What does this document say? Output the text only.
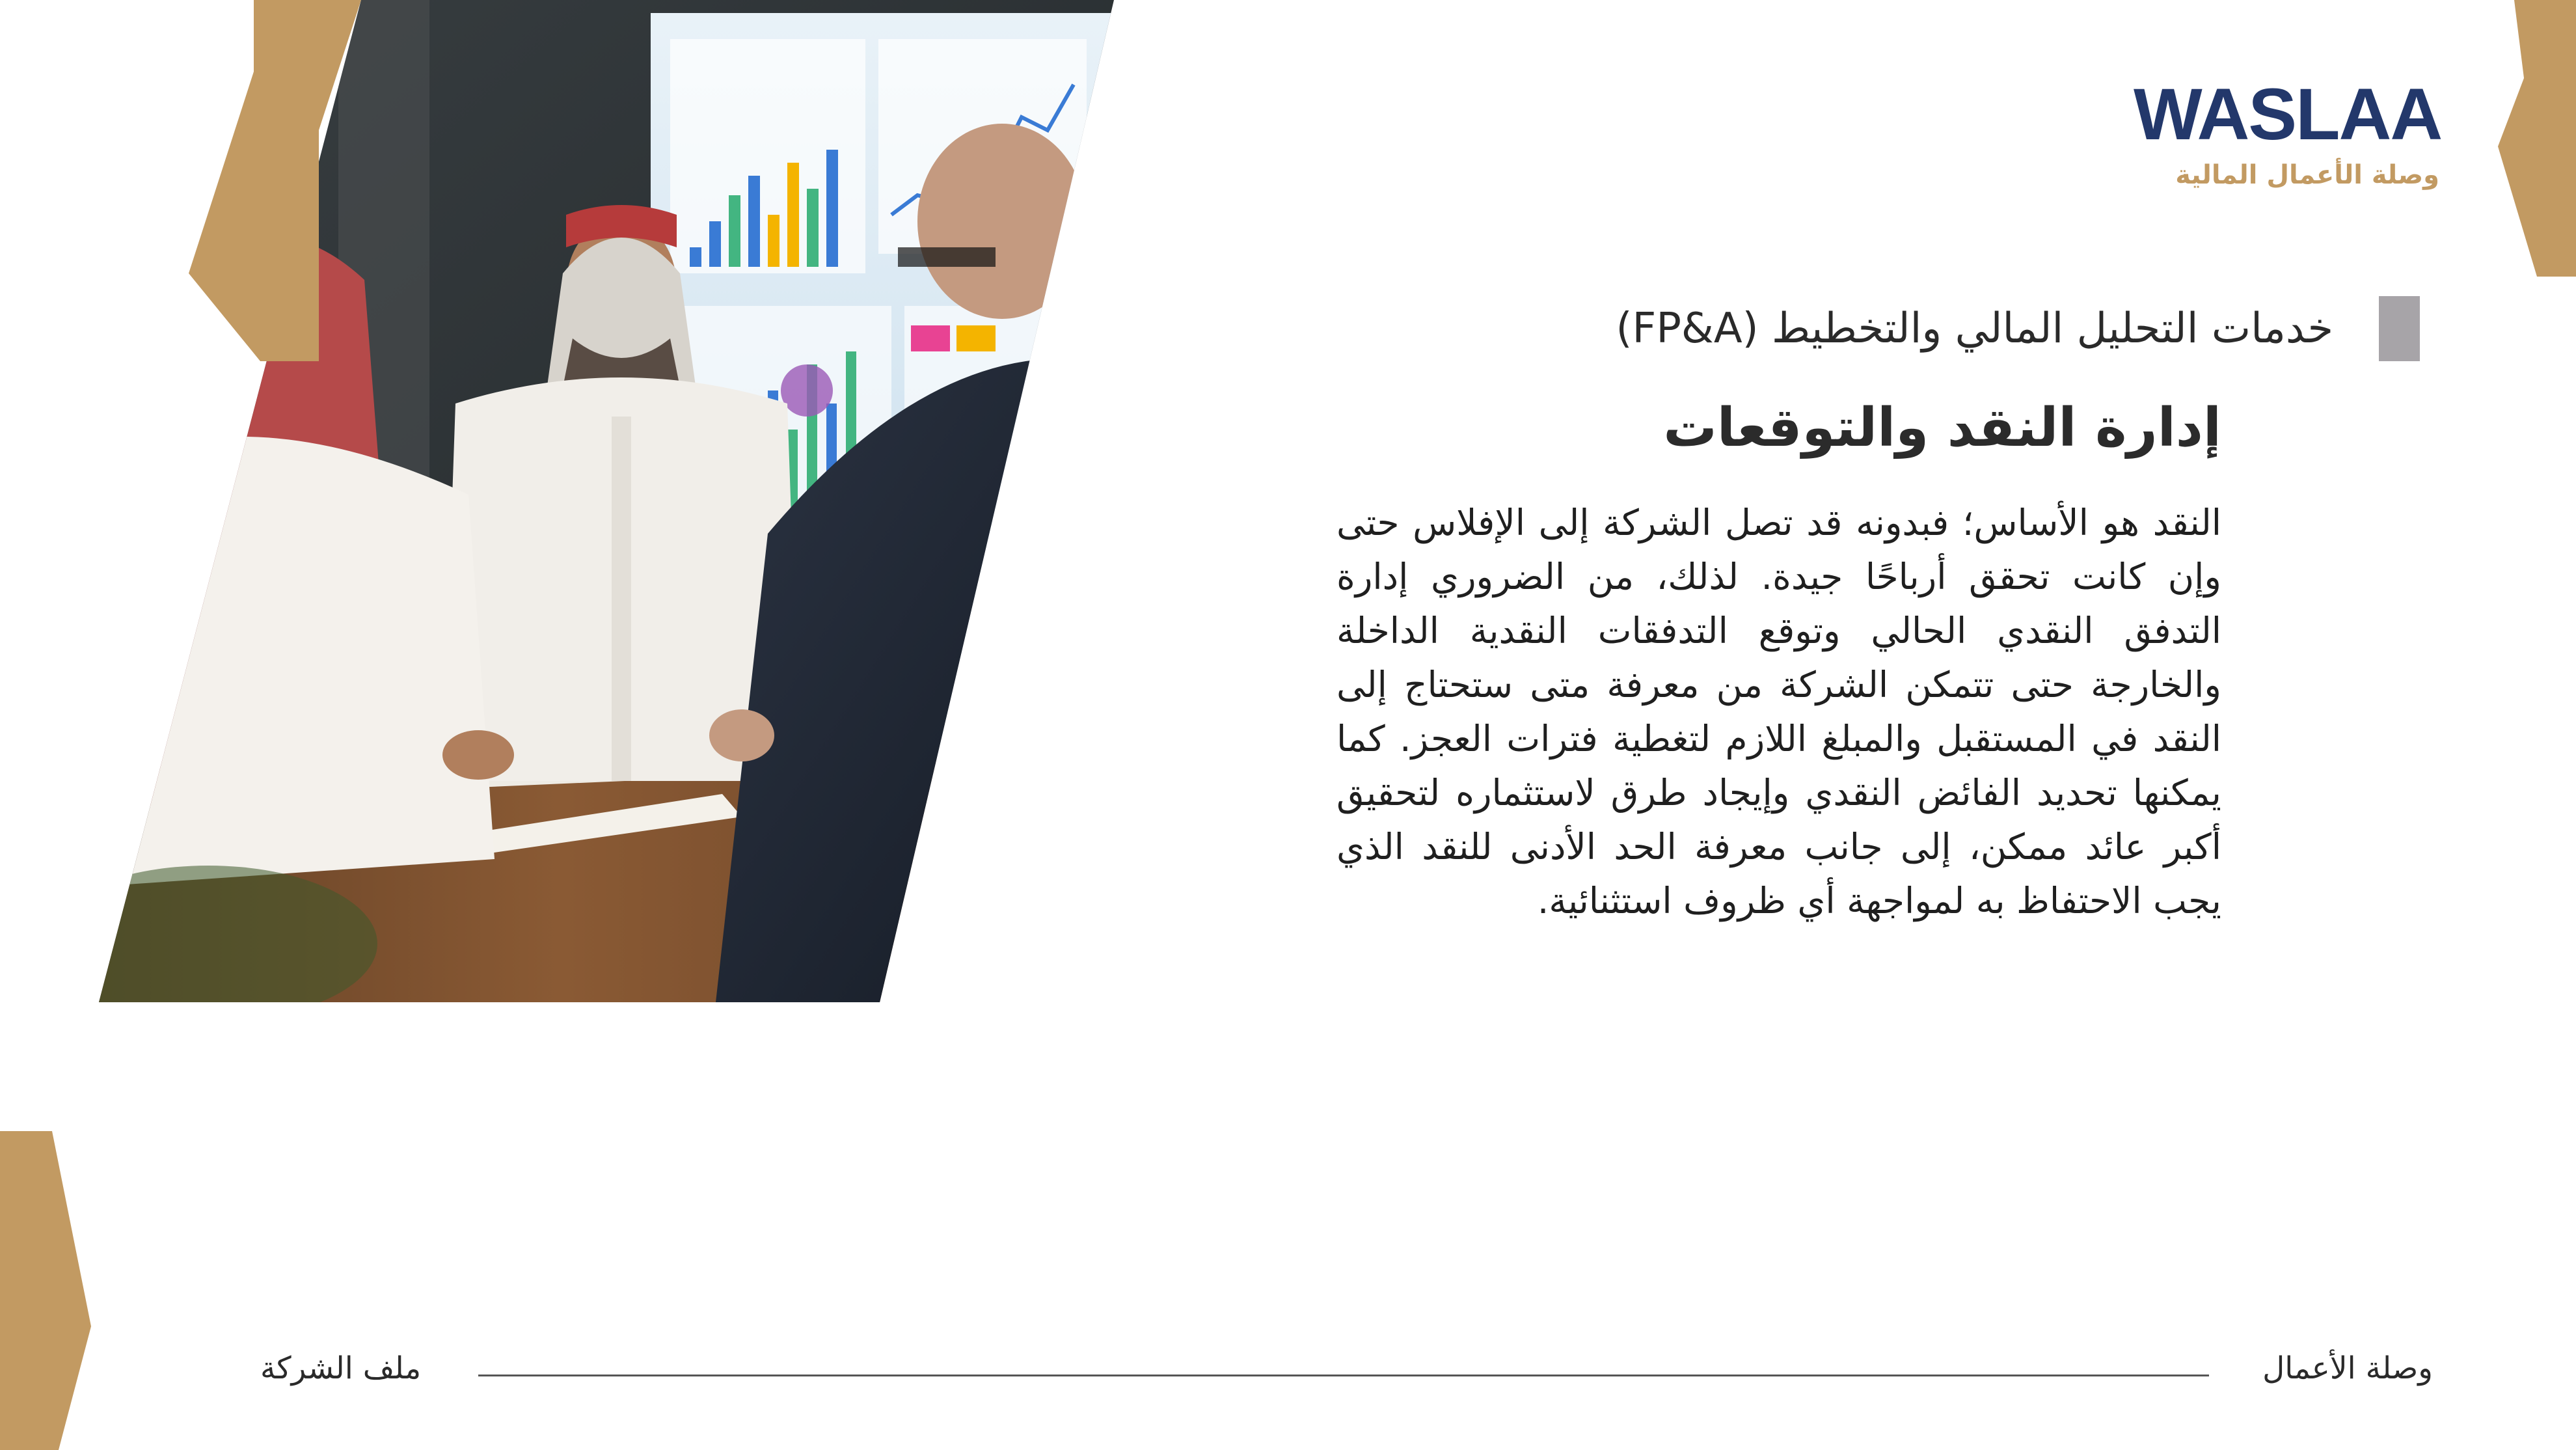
WASLAA
وصلة الأعمال المالية
خدمات التحليل المالي والتخطيط (FP&A)
إدارة النقد والتوقعات
النقد هو الأساس؛ فبدونه قد تصل الشركة إلى الإفلاس حتى وإن كانت تحقق أرباحًا جيدة. لذلك، من الضروري إدارة التدفق النقدي الحالي وتوقع التدفقات النقدية الداخلة والخارجة حتى تتمكن الشركة من معرفة متى ستحتاج إلى النقد في المستقبل والمبلغ اللازم لتغطية فترات العجز. كما يمكنها تحديد الفائض النقدي وإيجاد طرق لاستثماره لتحقيق أكبر عائد ممكن، إلى جانب معرفة الحد الأدنى للنقد الذي يجب الاحتفاظ به لمواجهة أي ظروف استثنائية.
وصلة الأعمال
ملف الشركة
